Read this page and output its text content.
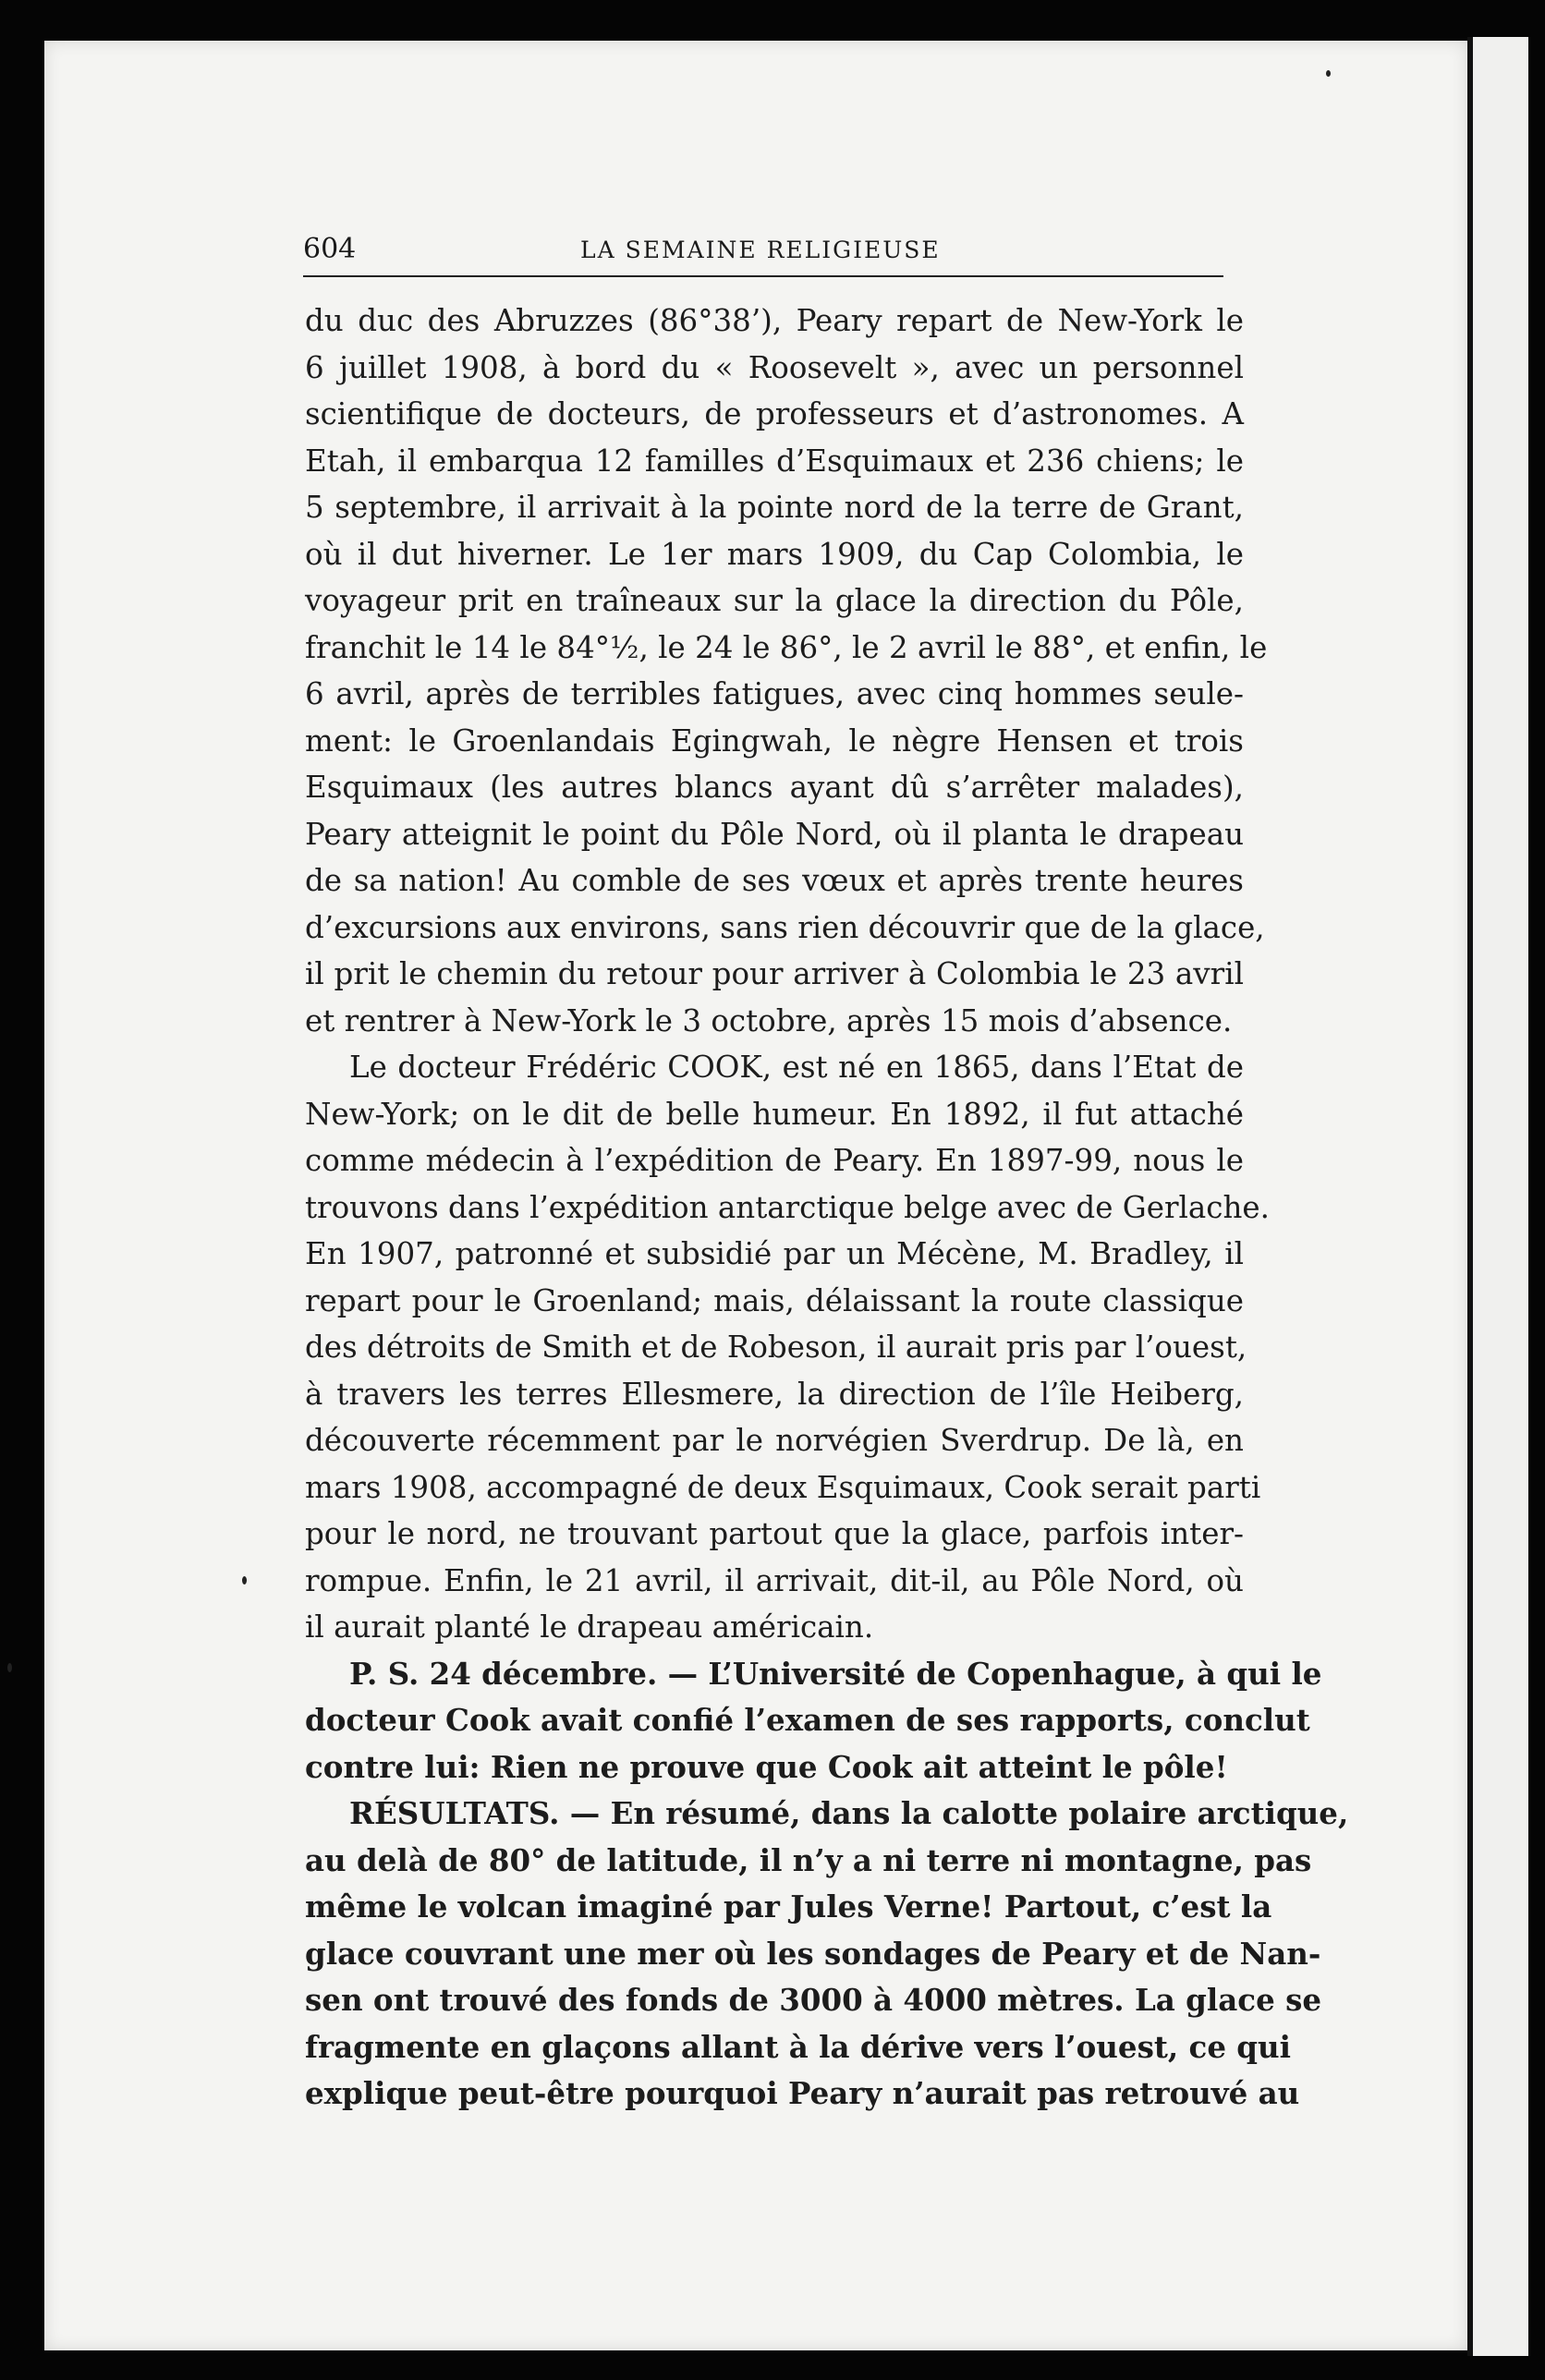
604	LA SEMAINE RELIGIEUSE
du duc des Abruzzes (86°38’), Peary repart de New-York le
6 juillet 1908, à bord du « Roosevelt », avec un personnel
scientifique de docteurs, de professeurs et d’astronomes. A
Etah, il embarqua 12 familles d’Esquimaux et 236 chiens; le
5 septembre, il arrivait à la pointe nord de la terre de Grant,
où il dut hiverner. Le 1er mars 1909, du Cap Colombia, le
voyageur prit en traîneaux sur la glace la direction du Pôle,
franchit le 14 le 84°½, le 24 le 86°, le 2 avril le 88°, et enfin, le
6 avril, après de terribles fatigues, avec cinq hommes seule-
ment: le Groenlandais Egingwah, le nègre Hensen et trois
Esquimaux (les autres blancs ayant dû s’arrêter malades),
Peary atteignit le point du Pôle Nord, où il planta le drapeau
de sa nation! Au comble de ses vœux et après trente heures
d’excursions aux environs, sans rien découvrir que de la glace,
il prit le chemin du retour pour arriver à Colombia le 23 avril
et rentrer à New-York le 3 octobre, après 15 mois d’absence.
Le docteur Frédéric COOK, est né en 1865, dans l’Etat de
New-York; on le dit de belle humeur. En 1892, il fut attaché
comme médecin à l’expédition de Peary. En 1897-99, nous le
trouvons dans l’expédition antarctique belge avec de Gerlache.
En 1907, patronné et subsidié par un Mécène, M. Bradley, il
repart pour le Groenland; mais, délaissant la route classique
des détroits de Smith et de Robeson, il aurait pris par l’ouest,
à travers les terres Ellesmere, la direction de l’île Heiberg,
découverte récemment par le norvégien Sverdrup. De là, en
mars 1908, accompagné de deux Esquimaux, Cook serait parti
pour le nord, ne trouvant partout que la glace, parfois inter-
rompue. Enfin, le 21 avril, il arrivait, dit-il, au Pôle Nord, où
il aurait planté le drapeau américain.
P. S. 24 décembre. — L’Université de Copenhague, à qui le
docteur Cook avait confié l’examen de ses rapports, conclut
contre lui: Rien ne prouve que Cook ait atteint le pôle!
RÉSULTATS. — En résumé, dans la calotte polaire arctique,
au delà de 80° de latitude, il n’y a ni terre ni montagne, pas
même le volcan imaginé par Jules Verne! Partout, c’est la
glace couvrant une mer où les sondages de Peary et de Nan-
sen ont trouvé des fonds de 3000 à 4000 mètres. La glace se
fragmente en glaçons allant à la dérive vers l’ouest, ce qui
explique peut-être pourquoi Peary n’aurait pas retrouvé au
